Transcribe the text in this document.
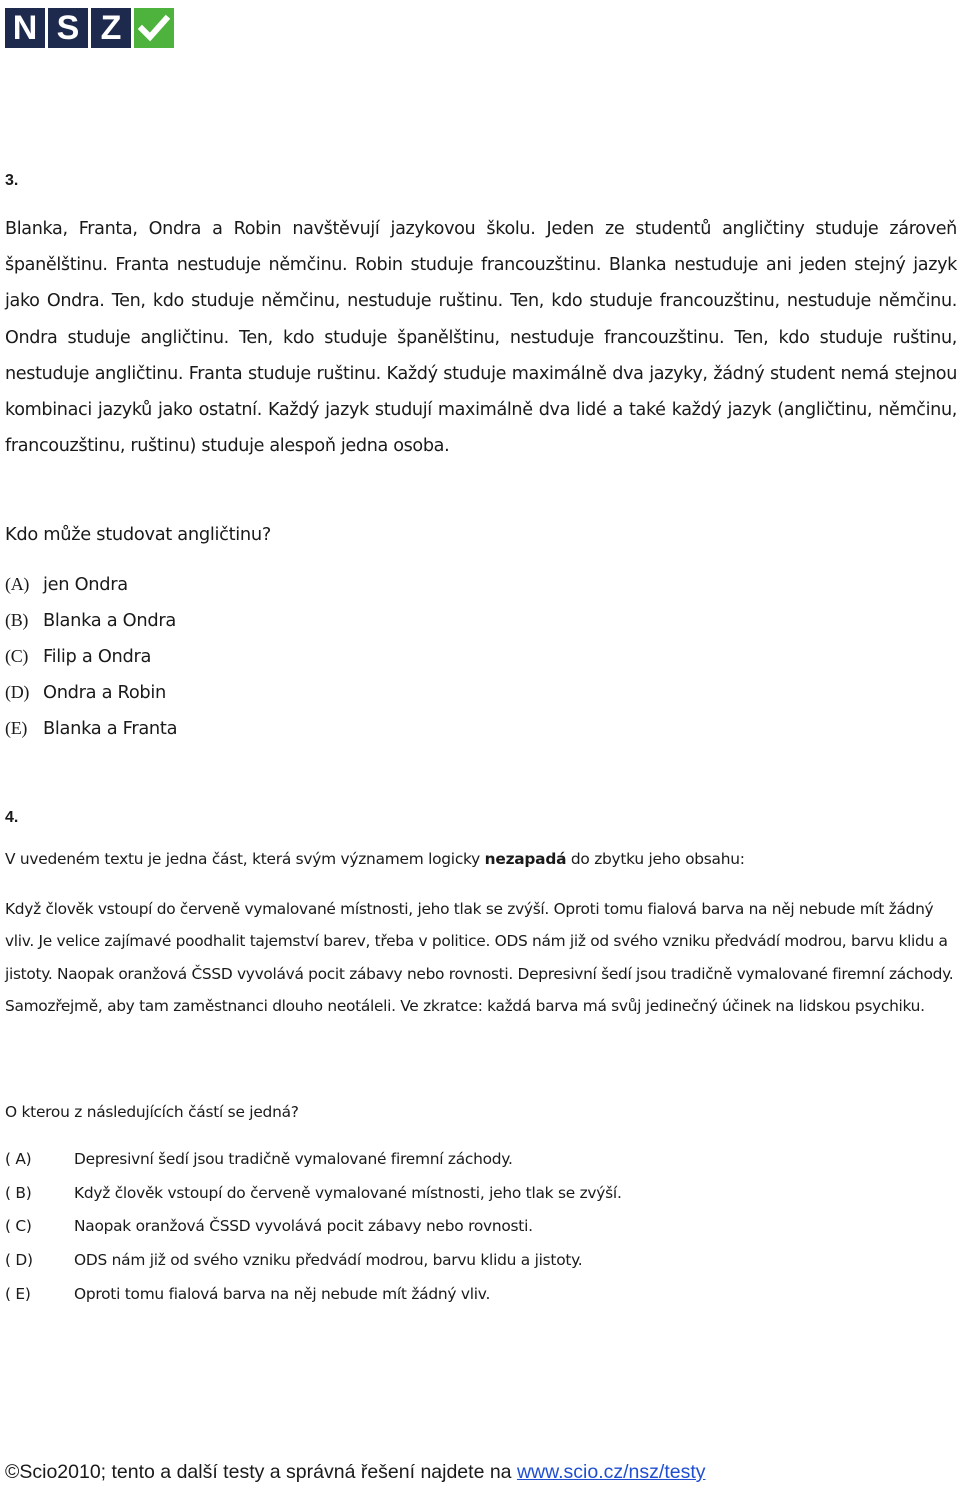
N S Z
3.
Blanka, Franta, Ondra a Robin navštěvují jazykovou školu. Jeden ze studentů angličtiny studuje zároveň španělštinu. Franta nestuduje němčinu. Robin studuje francouzštinu. Blanka nestuduje ani jeden stejný jazyk jako Ondra. Ten, kdo studuje němčinu, nestuduje ruštinu. Ten, kdo studuje francouzštinu, nestuduje němčinu. Ondra studuje angličtinu. Ten, kdo studuje španělštinu, nestuduje francouzštinu. Ten, kdo studuje ruštinu, nestuduje angličtinu. Franta studuje ruštinu. Každý studuje maximálně dva jazyky, žádný student nemá stejnou kombinaci jazyků jako ostatní. Každý jazyk studují maximálně dva lidé a také každý jazyk (angličtinu, němčinu, francouzštinu, ruštinu) studuje alespoň jedna osoba.
Kdo může studovat angličtinu?
(A) jen Ondra
(B) Blanka a Ondra
(C) Filip a Ondra
(D) Ondra a Robin
(E) Blanka a Franta
4.
V uvedeném textu je jedna část, která svým významem logicky nezapadá do zbytku jeho obsahu:
Když člověk vstoupí do červeně vymalované místnosti, jeho tlak se zvýší. Oproti tomu fialová barva na něj nebude mít žádný vliv. Je velice zajímavé poodhalit tajemství barev, třeba v politice. ODS nám již od svého vzniku předvádí modrou, barvu klidu a jistoty. Naopak oranžová ČSSD vyvolává pocit zábavy nebo rovnosti. Depresivní šedí jsou tradičně vymalované firemní záchody. Samozřejmě, aby tam zaměstnanci dlouho neotáleli. Ve zkratce: každá barva má svůj jedinečný účinek na lidskou psychiku.
O kterou z následujících částí se jedná?
( A)	Depresivní šedí jsou tradičně vymalované firemní záchody.
( B)	Když člověk vstoupí do červeně vymalované místnosti, jeho tlak se zvýší.
( C)	Naopak oranžová ČSSD vyvolává pocit zábavy nebo rovnosti.
( D)	ODS nám již od svého vzniku předvádí modrou, barvu klidu a jistoty.
( E)	Oproti tomu fialová barva na něj nebude mít žádný vliv.
©Scio2010; tento a další testy a správná řešení najdete na www.scio.cz/nsz/testy
